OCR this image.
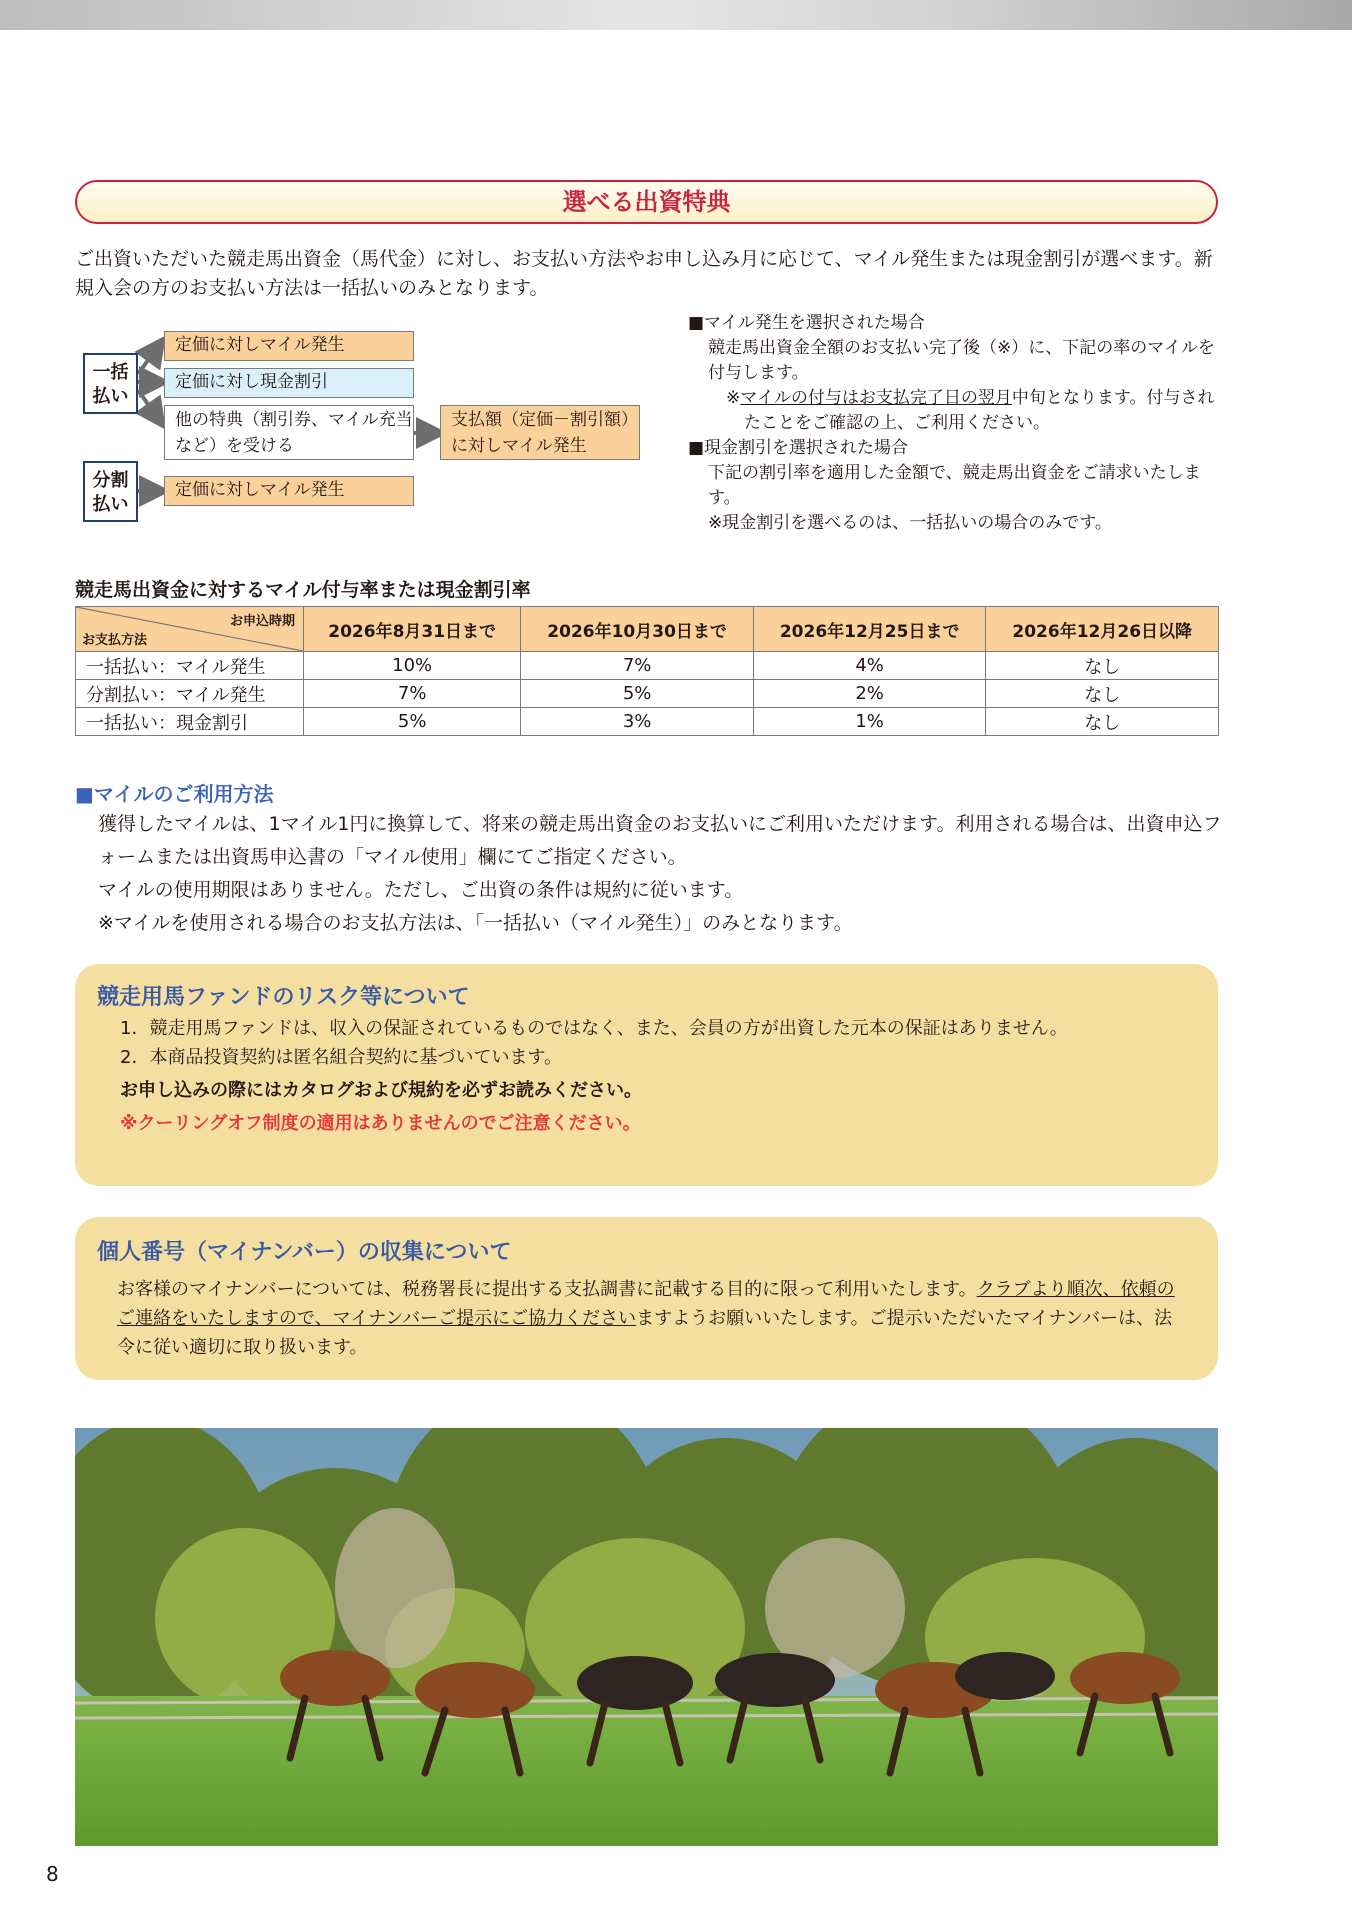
選べる出資特典

ご出資いただいた競走馬出資金（馬代金）に対し、お支払い方法やお申し込み月に応じて、マイル発生または現金割引が選べます。新規入会の方のお支払い方法は一括払いのみとなります。

一括
払い
分割
払い
定価に対しマイル発生
定価に対し現金割引
他の特典（割引券、マイル充当など）を受ける
支払額（定価－割引額）に対しマイル発生
定価に対しマイル発生

■マイル発生を選択された場合

競走馬出資金全額のお支払い完了後（※）に、下記の率のマイルを付与します。

※マイルの付与はお支払完了日の翌月中旬となります。付与されたことをご確認の上、ご利用ください。

■現金割引を選択された場合

下記の割引率を適用した金額で、競走馬出資金をご請求いたします。

※現金割引を選べるのは、一括払いの場合のみです。

競走馬出資金に対するマイル付与率または現金割引率

お申込時期
お支払方法	2026年8月31日まで	2026年10月30日まで	2026年12月25日まで	2026年12月26日以降
一括払い：マイル発生	10%	7%	4%	なし
分割払い：マイル発生	7%	5%	2%	なし
一括払い：現金割引	5%	3%	1%	なし

■マイルのご利用方法

獲得したマイルは、1マイル1円に換算して、将来の競走馬出資金のお支払いにご利用いただけます。利用される場合は、出資申込フォームまたは出資馬申込書の「マイル使用」欄にてご指定ください。

マイルの使用期限はありません。ただし、ご出資の条件は規約に従います。

※マイルを使用される場合のお支払方法は、「一括払い（マイル発生）」のみとなります。

競走用馬ファンドのリスク等について

1．競走用馬ファンドは、収入の保証されているものではなく、また、会員の方が出資した元本の保証はありません。

2．本商品投資契約は匿名組合契約に基づいています。

お申し込みの際にはカタログおよび規約を必ずお読みください。

※クーリングオフ制度の適用はありませんのでご注意ください。

個人番号（マイナンバー）の収集について

お客様のマイナンバーについては、税務署長に提出する支払調書に記載する目的に限って利用いたします。クラブより順次、依頼のご連絡をいたしますので、マイナンバーご提示にご協力くださいますようお願いいたします。ご提示いただいたマイナンバーは、法令に従い適切に取り扱います。

8
